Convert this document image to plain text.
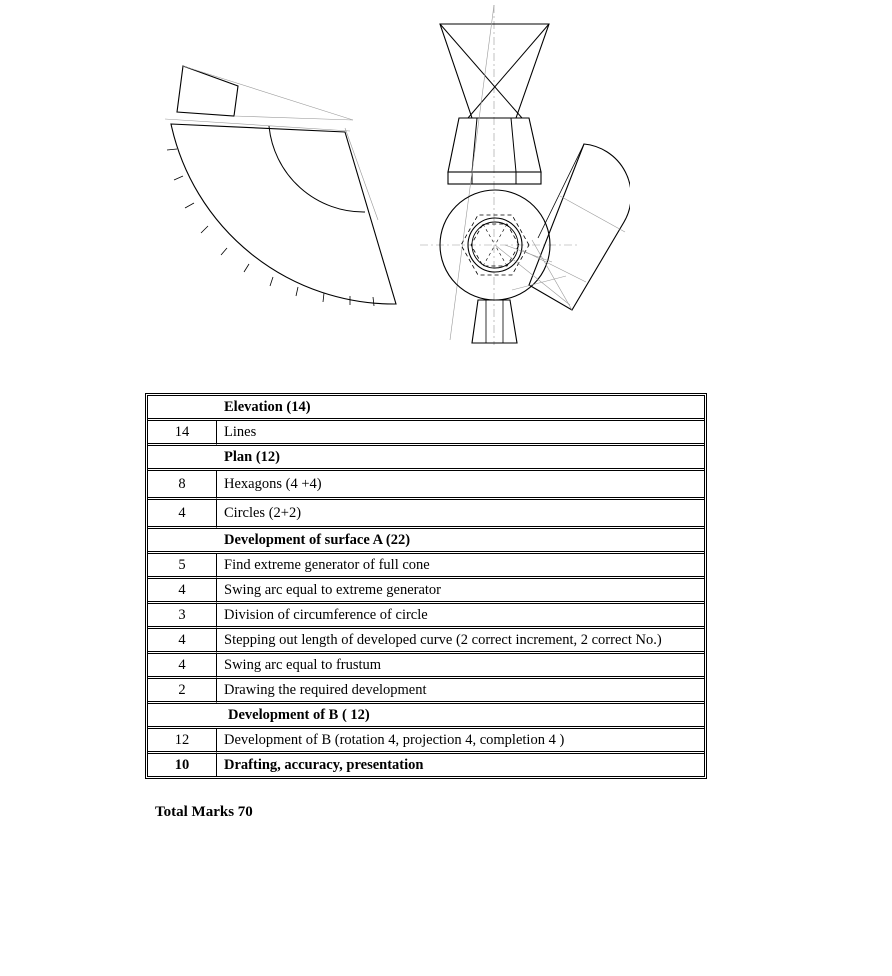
	Elevation (14)
14	Lines
	Plan (12)
8	Hexagons (4 +4)
4	Circles (2+2)
	Development of surface A (22)
5	Find extreme generator of full cone
4	Swing arc equal to extreme generator
3	Division of circumference of circle
4	Stepping out length of developed curve (2 correct increment, 2 correct No.)
4	Swing arc equal to frustum
2	Drawing the required development
	Development of B ( 12)
12	Development of B (rotation 4, projection 4, completion 4 )
10	Drafting, accuracy, presentation
Total Marks 70
